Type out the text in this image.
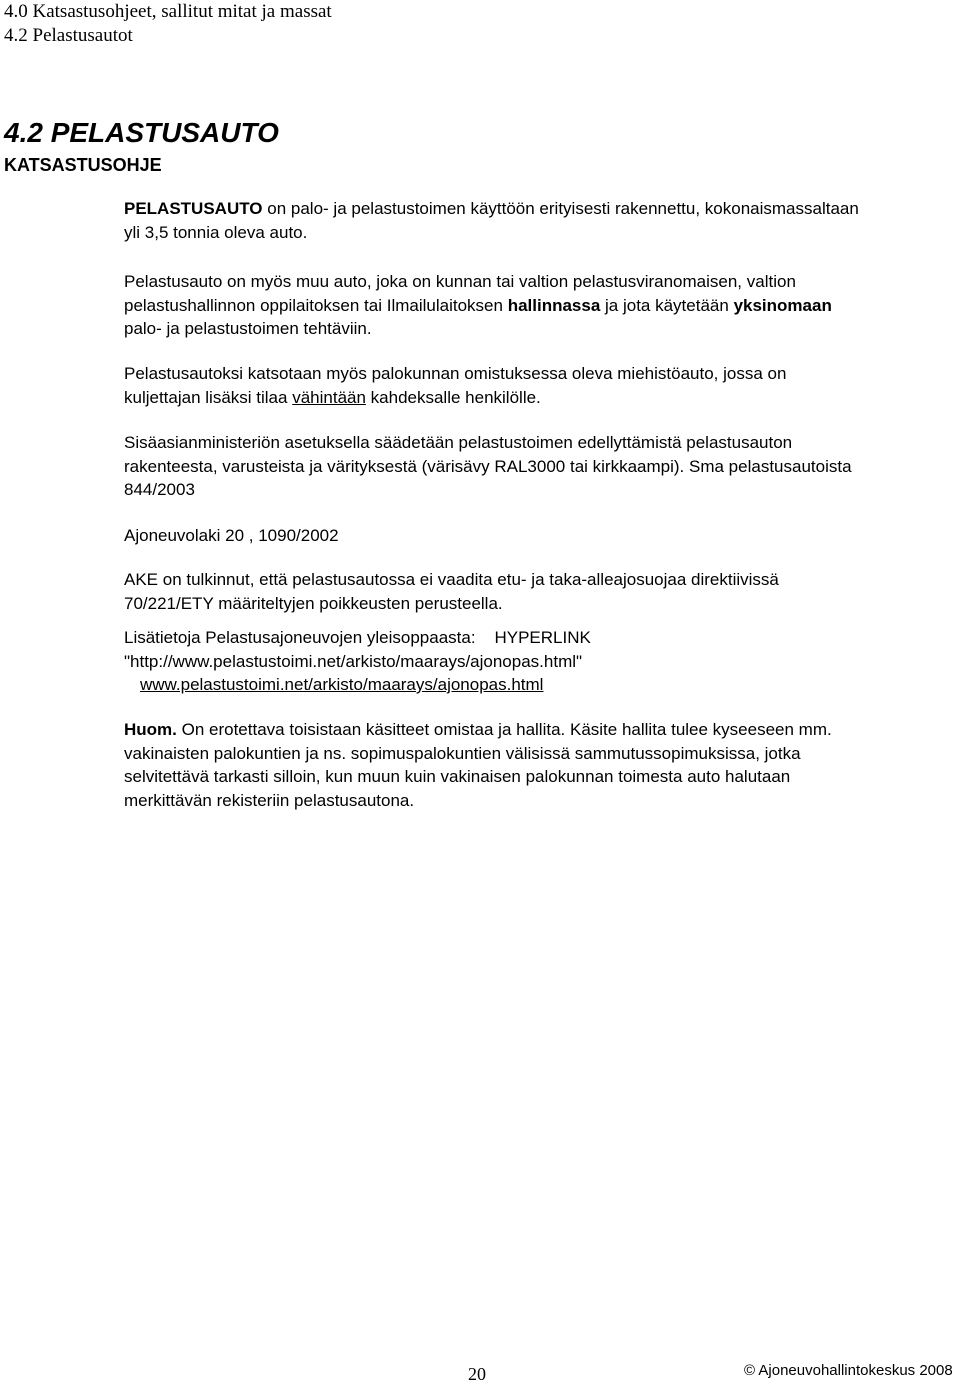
4.0 Katsastusohjeet, sallitut mitat ja massat
4.2 Pelastusautot
4.2 PELASTUSAUTO
KATSASTUSOHJE
PELASTUSAUTO on palo- ja pelastustoimen käyttöön erityisesti rakennettu, kokonaismassaltaan
yli 3,5 tonnia oleva auto.
Pelastusauto on myös muu auto, joka on kunnan tai valtion pelastusviranomaisen, valtion
pelastushallinnon oppilaitoksen tai Ilmailulaitoksen hallinnassa ja jota käytetään yksinomaan
palo- ja pelastustoimen tehtäviin.
Pelastusautoksi katsotaan myös palokunnan omistuksessa oleva miehistöauto, jossa on
kuljettajan lisäksi tilaa vähintään kahdeksalle henkilölle.
Sisäasianministeriön asetuksella säädetään pelastustoimen edellyttämistä pelastusauton
rakenteesta, varusteista ja värityksestä (värisävy RAL3000 tai kirkkaampi). Sma pelastusautoista
844/2003
Ajoneuvolaki 20 , 1090/2002
AKE on tulkinnut, että pelastusautossa ei vaadita etu- ja taka-alleajosuojaa direktiivissä
70/221/ETY määriteltyjen poikkeusten perusteella.
Lisätietoja Pelastusajoneuvojen yleisoppaasta:    HYPERLINK
"http://www.pelastustoimi.net/arkisto/maarays/ajonopas.html"
www.pelastustoimi.net/arkisto/maarays/ajonopas.html
Huom. On erotettava toisistaan käsitteet omistaa ja hallita. Käsite hallita tulee kyseeseen mm.
vakinaisten palokuntien ja ns. sopimuspalokuntien välisissä sammutussopimuksissa, jotka
selvitettävä tarkasti silloin, kun muun kuin vakinaisen palokunnan toimesta auto halutaan
merkittävän rekisteriin pelastusautona.
20	© Ajoneuvohallintokeskus 2008
